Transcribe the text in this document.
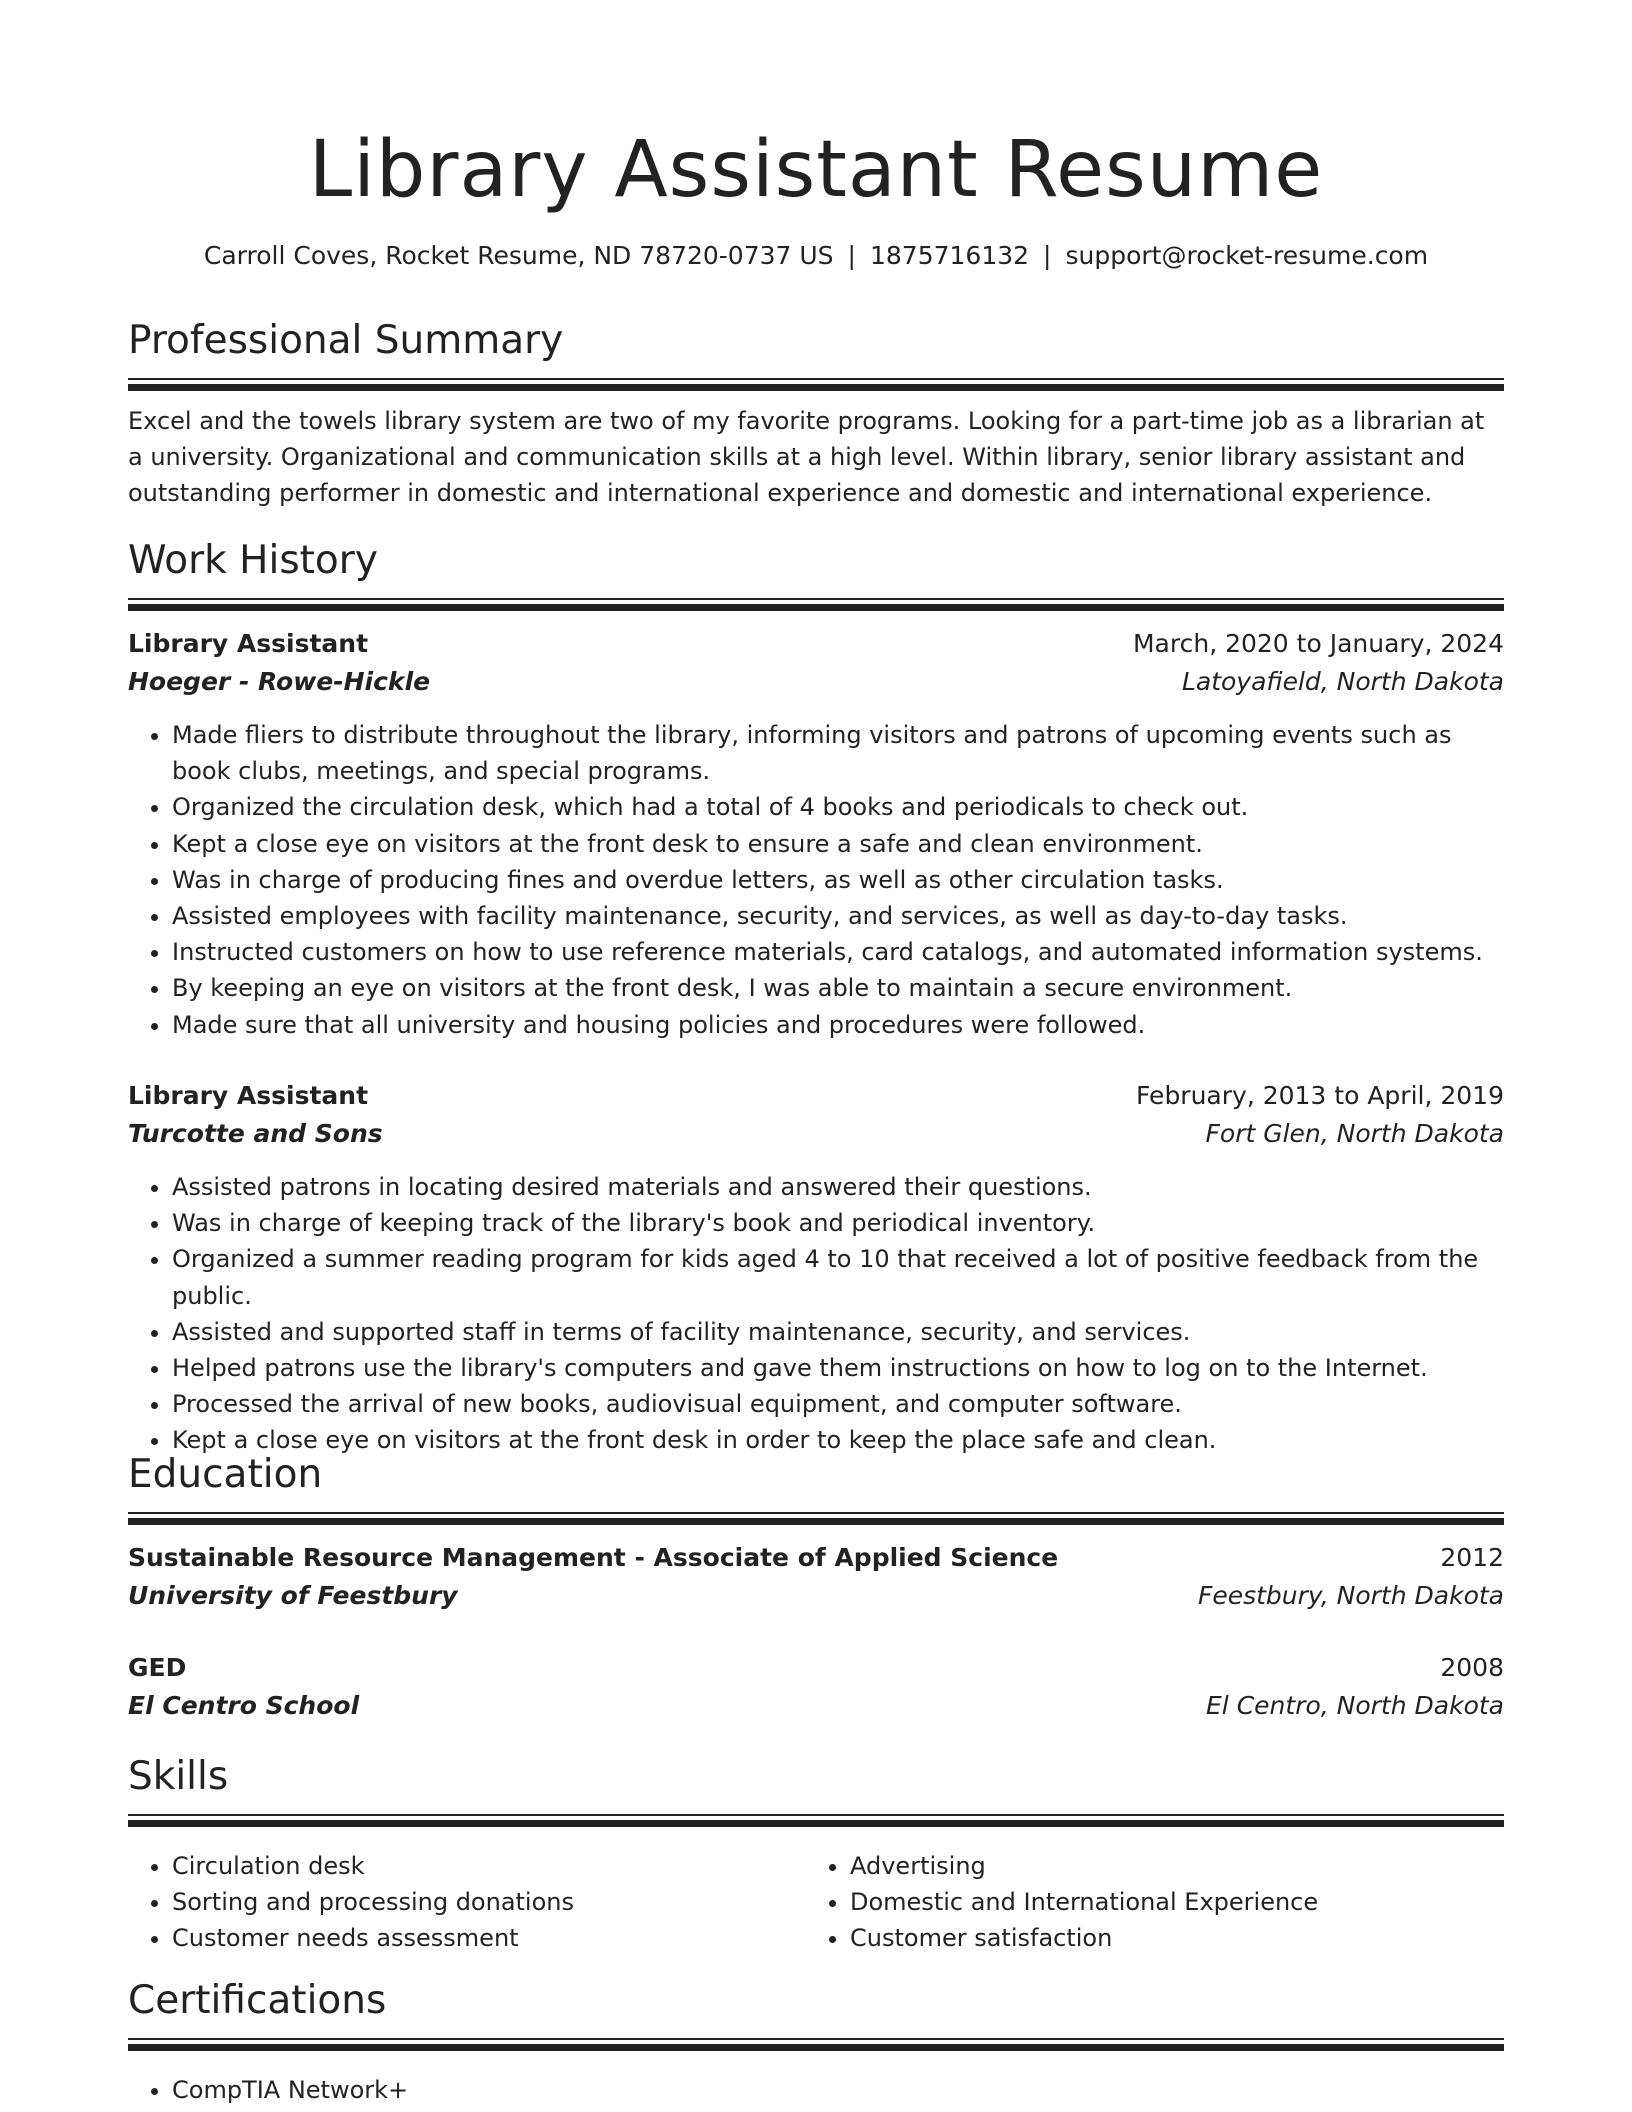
Library Assistant Resume
Carroll Coves, Rocket Resume, ND 78720-0737 US | 1875716132 | support@rocket-resume.com
Professional Summary

Excel and the towels library system are two of my favorite programs. Looking for a part-time job as a librarian at a university. Organizational and communication skills at a high level. Within library, senior library assistant and outstanding performer in domestic and international experience and domestic and international experience.

Work History
Library Assistant	March, 2020 to January, 2024
Hoeger - Rowe-Hickle	Latoyafield, North Dakota
• Made fliers to distribute throughout the library, informing visitors and patrons of upcoming events such as book clubs, meetings, and special programs.
• Organized the circulation desk, which had a total of 4 books and periodicals to check out.
• Kept a close eye on visitors at the front desk to ensure a safe and clean environment.
• Was in charge of producing fines and overdue letters, as well as other circulation tasks.
• Assisted employees with facility maintenance, security, and services, as well as day-to-day tasks.
• Instructed customers on how to use reference materials, card catalogs, and automated information systems.
• By keeping an eye on visitors at the front desk, I was able to maintain a secure environment.
• Made sure that all university and housing policies and procedures were followed.
Library Assistant	February, 2013 to April, 2019
Turcotte and Sons	Fort Glen, North Dakota
• Assisted patrons in locating desired materials and answered their questions.
• Was in charge of keeping track of the library's book and periodical inventory.
• Organized a summer reading program for kids aged 4 to 10 that received a lot of positive feedback from the public.
• Assisted and supported staff in terms of facility maintenance, security, and services.
• Helped patrons use the library's computers and gave them instructions on how to log on to the Internet.
• Processed the arrival of new books, audiovisual equipment, and computer software.
• Kept a close eye on visitors at the front desk in order to keep the place safe and clean.
Education
Sustainable Resource Management - Associate of Applied Science	2012
University of Feestbury	Feestbury, North Dakota
GED	2008
El Centro School	El Centro, North Dakota
Skills
• Circulation desk
• Sorting and processing donations
• Customer needs assessment
• Advertising
• Domestic and International Experience
• Customer satisfaction
Certifications
• CompTIA Network+
